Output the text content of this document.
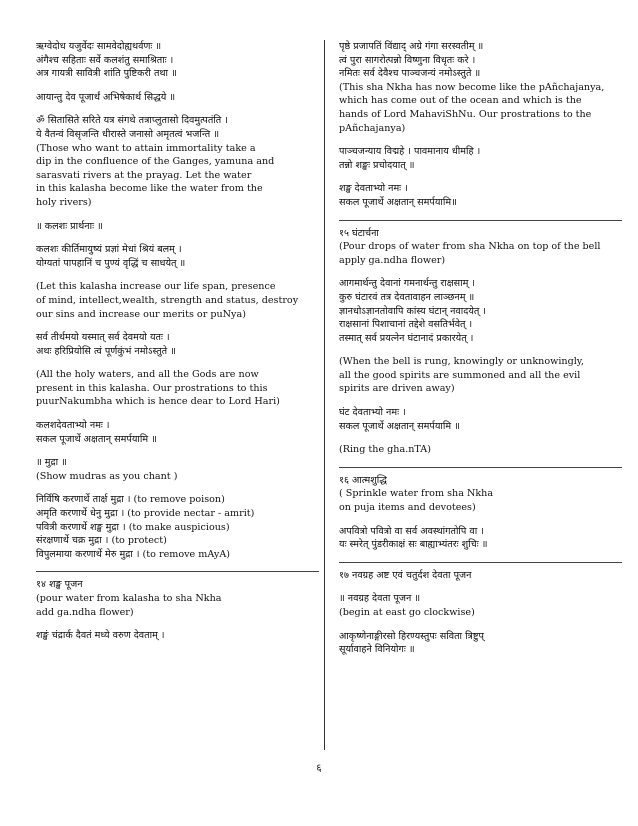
ऋग्वेदोध यजुर्वेदः सामवेदोह्यथर्वणः ॥
अंगैश्च सहिताः सर्वे कलशंतु समाश्रिताः ।
अत्र गायत्री सावित्री शांति पुष्टिकरी तथा ॥
आयान्तु देव पूजार्थं अभिषेकार्थ सिद्धये ॥
ॐ सितासिते सरिते यत्र संगथे तत्राप्लुतासो दिवमुत्पतंति ।
ये वैतन्वं विसृजन्ति धीरास्ते जनासो अमृतत्वं भजन्ति ॥
(Those who want to attain immortality take a
dip in the confluence of the Ganges, yamuna and
sarasvati rivers at the prayag. Let the water
in this kalasha become like the water from the
holy rivers)
॥ कलशः प्रार्थनाः ॥
कलशः कीर्तिमायुष्यं प्रज्ञां मेधां श्रियं बलम् ।
योग्यतां पापहानिं च पुण्यं वृद्धिं च साधयेत् ॥
(Let this kalasha increase our life span, presence
of mind, intellect,wealth, strength and status, destroy
our sins and increase our merits or puNya)
सर्व तीर्थमयो यस्मात् सर्व देवमयो यतः ।
अथः हरिप्रियोसि त्वं पूर्णकुंभं नमोऽस्तुते ॥
(All the holy waters, and all the Gods are now
present in this kalasha. Our prostrations to this
puurNakumbha which is hence dear to Lord Hari)
कलशदेवताभ्यो नमः ।
सकल पूजार्थे अक्षतान् समर्पयामि ॥
॥ मुद्रा ॥
(Show mudras as you chant )
निर्विषि करणार्थे तार्क्ष मुद्रा । (to remove poison)
अमृति करणार्थे धेनु मुद्रा । (to provide nectar - amrit)
पवित्री करणार्थे शङ्ख मुद्रा । (to make auspicious)
संरक्षणार्थे चक्र मुद्रा । (to protect)
विपुलमाया करणार्थे मेरु मुद्रा । (to remove mAyA)
१४ शङ्ख पूजन
(pour water from kalasha to sha Nkha
add ga.ndha flower)
शङ्खं चंद्रार्क दैवतं मध्ये वरुण देवताम् ।
पृष्ठे प्रजापतिं विंद्याद् अग्रे गंगा सरस्वतीम् ॥
त्वं पुरा सागरोत्पन्नो विष्णुना विधृतः करे ।
नमितः सर्व देवैश्च पाञ्चजन्यं नमोऽस्तुते ॥
(This sha Nkha has now become like the pAñchajanya,
which has come out of the ocean and which is the
hands of Lord MahaviShNu. Our prostrations to the
pAñchajanya)
पाञ्चजन्याय विद्महे । पावमानाय धीमहि ।
तन्नो शङ्खः प्रचोदयात् ॥
शङ्ख देवताभ्यो नमः ।
सकल पूजार्थे अक्षतान् समर्पयामि॥
१५ घंटार्चना
(Pour drops of water from sha Nkha on top of the bell
apply ga.ndha flower)
आगमार्थन्तु देवानां गमनार्थन्तु राक्षसाम् ।
कुरु घंटारवं तत्र देवतावाहन लाञ्छनम् ॥
ज्ञानधोऽज्ञानतोवापि कांस्य घंटान् नवादयेत् ।
राक्षसानां पिशाचानां तद्देशे वसतिर्भवेत् ।
तस्मात् सर्व प्रयत्नेन घंटानादं प्रकारयेत् ।
(When the bell is rung, knowingly or unknowingly,
all the good spirits are summoned and all the evil
spirits are driven away)
घंट देवताभ्यो नमः ।
सकल पूजार्थे अक्षतान् समर्पयामि ॥
(Ring the gha.nTA)
१६ आत्मशुद्धि
( Sprinkle water from sha Nkha
on puja items and devotees)
अपवित्रो पवित्रो वा सर्व अवस्थांगतोपि वा ।
यः स्मरेत् पुंडरीकाक्षं सः बाह्याभ्यंतरः शुचिः ॥
१७ नवग्रह अष्ट एवं चतुर्दश देवता पूजन
॥ नवग्रह देवता पूजन ॥
(begin at east go clockwise)
आकृष्णेनाङ्गीरसो हिरण्यस्तुपः सविता त्रिष्टुप्
सूर्यावाहने विनियोगः ॥
६
